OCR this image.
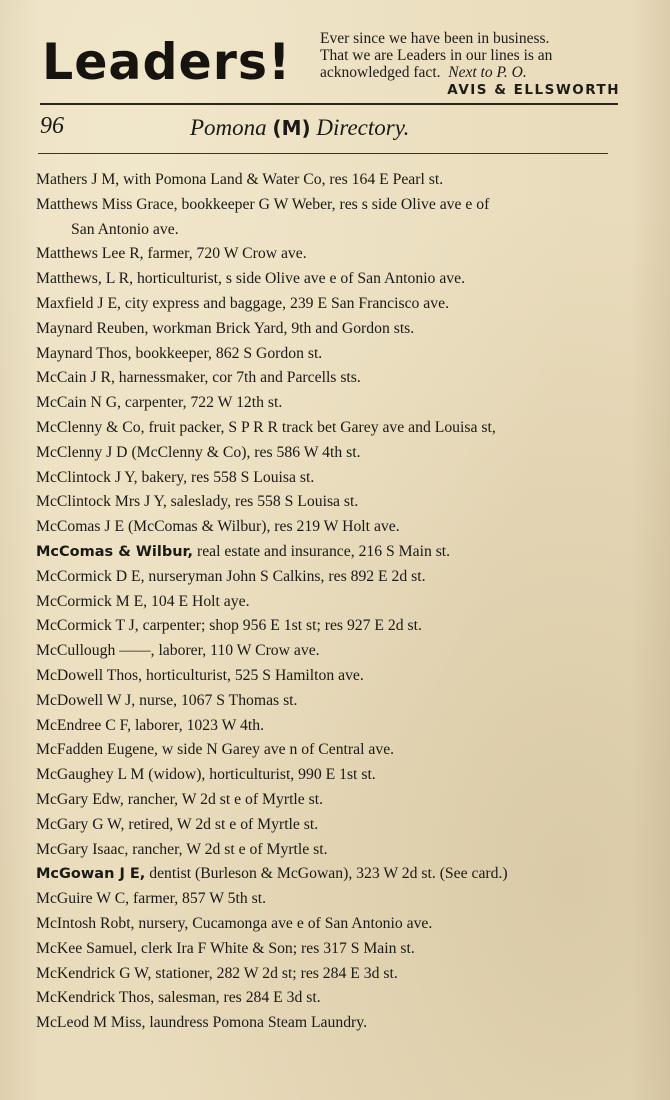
Leaders! Ever since we have been in business.
That we are Leaders in our lines is an
acknowledged fact. Next to P. O.
AVIS & ELLSWORTH
96	Pomona (M) Directory.
Mathers J M, with Pomona Land & Water Co, res 164 E Pearl st.
Matthews Miss Grace, bookkeeper G W Weber, res s side Olive ave e of
San Antonio ave.
Matthews Lee R, farmer, 720 W Crow ave.
Matthews, L R, horticulturist, s side Olive ave e of San Antonio ave.
Maxfield J E, city express and baggage, 239 E San Francisco ave.
Maynard Reuben, workman Brick Yard, 9th and Gordon sts.
Maynard Thos, bookkeeper, 862 S Gordon st.
McCain J R, harnessmaker, cor 7th and Parcells sts.
McCain N G, carpenter, 722 W 12th st.
McClenny & Co, fruit packer, S P R R track bet Garey ave and Louisa st,
McClenny J D (McClenny & Co), res 586 W 4th st.
McClintock J Y, bakery, res 558 S Louisa st.
McClintock Mrs J Y, saleslady, res 558 S Louisa st.
McComas J E (McComas & Wilbur), res 219 W Holt ave.
McComas & Wilbur, real estate and insurance, 216 S Main st.
McCormick D E, nurseryman John S Calkins, res 892 E 2d st.
McCormick M E, 104 E Holt aye.
McCormick T J, carpenter; shop 956 E 1st st; res 927 E 2d st.
McCullough ——, laborer, 110 W Crow ave.
McDowell Thos, horticulturist, 525 S Hamilton ave.
McDowell W J, nurse, 1067 S Thomas st.
McEndree C F, laborer, 1023 W 4th.
McFadden Eugene, w side N Garey ave n of Central ave.
McGaughey L M (widow), horticulturist, 990 E 1st st.
McGary Edw, rancher, W 2d st e of Myrtle st.
McGary G W, retired, W 2d st e of Myrtle st.
McGary Isaac, rancher, W 2d st e of Myrtle st.
McGowan J E, dentist (Burleson & McGowan), 323 W 2d st. (See card.)
McGuire W C, farmer, 857 W 5th st.
McIntosh Robt, nursery, Cucamonga ave e of San Antonio ave.
McKee Samuel, clerk Ira F White & Son; res 317 S Main st.
McKendrick G W, stationer, 282 W 2d st; res 284 E 3d st.
McKendrick Thos, salesman, res 284 E 3d st.
McLeod M Miss, laundress Pomona Steam Laundry.
